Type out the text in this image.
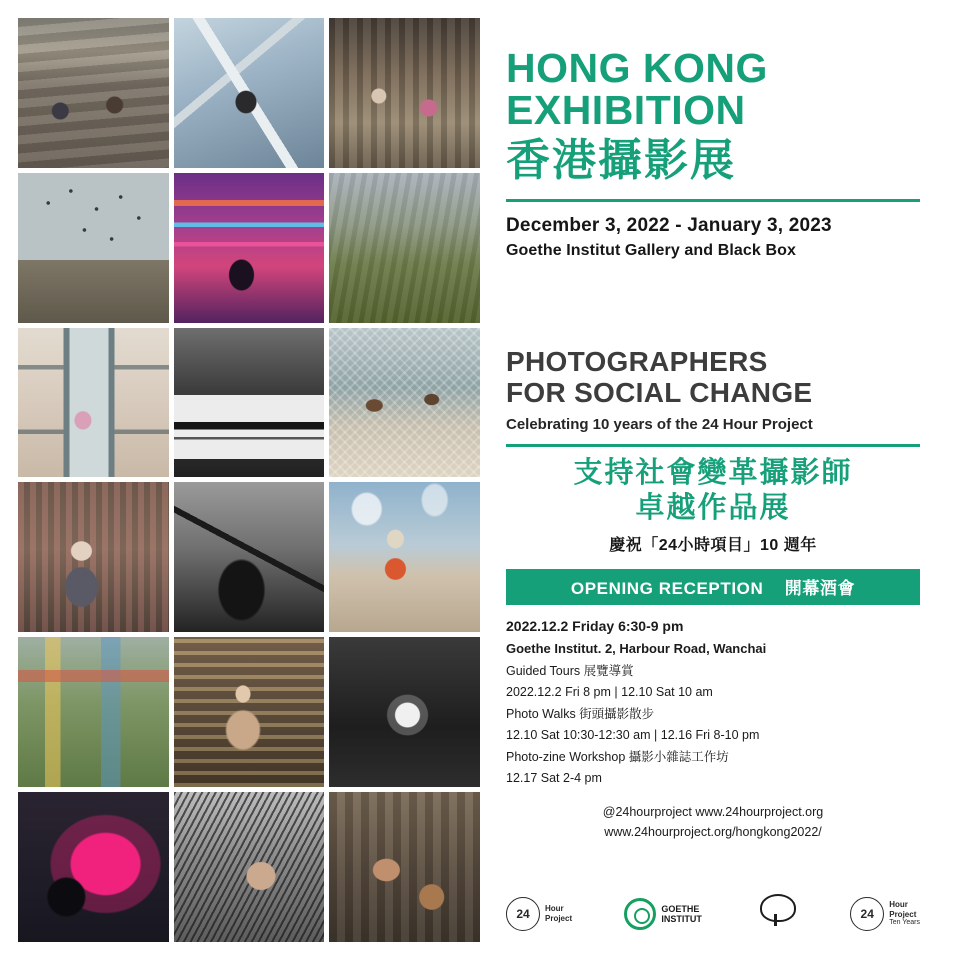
HONG KONG
EXHIBITION
香港攝影展
December 3, 2022 - January 3, 2023
Goethe Institut Gallery and Black Box
PHOTOGRAPHERS
FOR SOCIAL CHANGE
Celebrating 10 years of the 24 Hour Project
支持社會變革攝影師
卓越作品展
慶祝「24小時項目」10 週年
OPENING RECEPTION 開幕酒會
2022.12.2 Friday 6:30-9 pm
Goethe Institut. 2, Harbour Road, Wanchai
Guided Tours 展覽導賞
2022.12.2 Fri 8 pm | 12.10 Sat 10 am
Photo Walks 街頭攝影散步
12.10 Sat 10:30-12:30 am | 12.16 Fri 8-10 pm
Photo-zine Workshop 攝影小雜誌工作坊
12.17 Sat 2-4 pm
@24hourproject www.24hourproject.org
www.24hourproject.org/hongkong2022/
24	Hour
Project
GOETHE
INSTITUT	24
Hour
Project
Ten Years
